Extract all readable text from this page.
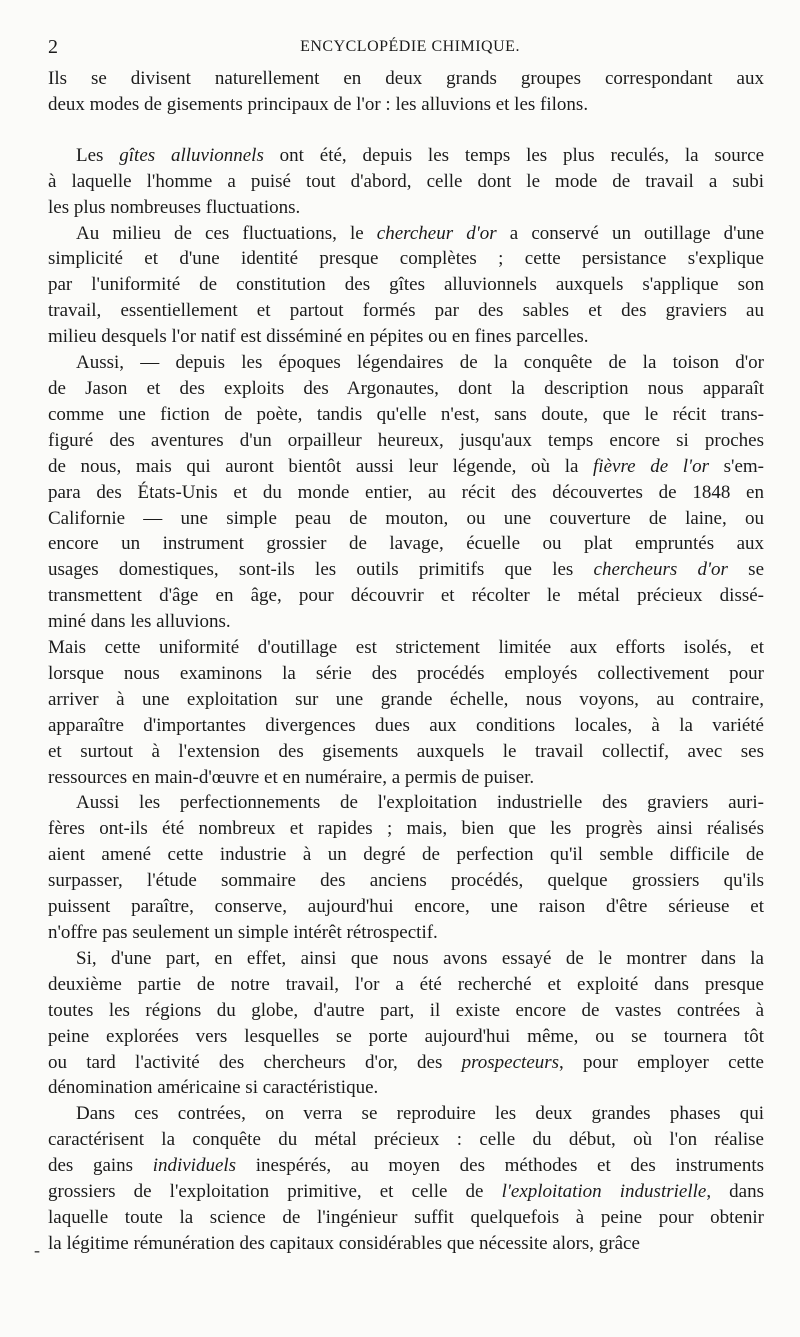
2	ENCYCLOPÉDIE CHIMIQUE.
Ils se divisent naturellement en deux grands groupes correspondant aux
deux modes de gisements principaux de l'or : les alluvions et les filons.
Les gîtes alluvionnels ont été, depuis les temps les plus reculés, la source
à laquelle l'homme a puisé tout d'abord, celle dont le mode de travail a subi
les plus nombreuses fluctuations.
Au milieu de ces fluctuations, le chercheur d'or a conservé un outillage d'une
simplicité et d'une identité presque complètes ; cette persistance s'explique
par l'uniformité de constitution des gîtes alluvionnels auxquels s'applique son
travail, essentiellement et partout formés par des sables et des graviers au
milieu desquels l'or natif est disséminé en pépites ou en fines parcelles.
Aussi, — depuis les époques légendaires de la conquête de la toison d'or
de Jason et des exploits des Argonautes, dont la description nous apparaît
comme une fiction de poète, tandis qu'elle n'est, sans doute, que le récit trans-
figuré des aventures d'un orpailleur heureux, jusqu'aux temps encore si proches
de nous, mais qui auront bientôt aussi leur légende, où la fièvre de l'or s'em-
para des États-Unis et du monde entier, au récit des découvertes de 1848 en
Californie — une simple peau de mouton, ou une couverture de laine, ou
encore un instrument grossier de lavage, écuelle ou plat empruntés aux
usages domestiques, sont-ils les outils primitifs que les chercheurs d'or se
transmettent d'âge en âge, pour découvrir et récolter le métal précieux dissé-
miné dans les alluvions.
Mais cette uniformité d'outillage est strictement limitée aux efforts isolés, et
lorsque nous examinons la série des procédés employés collectivement pour
arriver à une exploitation sur une grande échelle, nous voyons, au contraire,
apparaître d'importantes divergences dues aux conditions locales, à la variété
et surtout à l'extension des gisements auxquels le travail collectif, avec ses
ressources en main-d'œuvre et en numéraire, a permis de puiser.
Aussi les perfectionnements de l'exploitation industrielle des graviers auri-
fères ont-ils été nombreux et rapides ; mais, bien que les progrès ainsi réalisés
aient amené cette industrie à un degré de perfection qu'il semble difficile de
surpasser, l'étude sommaire des anciens procédés, quelque grossiers qu'ils
puissent paraître, conserve, aujourd'hui encore, une raison d'être sérieuse et
n'offre pas seulement un simple intérêt rétrospectif.
Si, d'une part, en effet, ainsi que nous avons essayé de le montrer dans la
deuxième partie de notre travail, l'or a été recherché et exploité dans presque
toutes les régions du globe, d'autre part, il existe encore de vastes contrées à
peine explorées vers lesquelles se porte aujourd'hui même, ou se tournera tôt
ou tard l'activité des chercheurs d'or, des prospecteurs, pour employer cette
dénomination américaine si caractéristique.
Dans ces contrées, on verra se reproduire les deux grandes phases qui
caractérisent la conquête du métal précieux : celle du début, où l'on réalise
des gains individuels inespérés, au moyen des méthodes et des instruments
grossiers de l'exploitation primitive, et celle de l'exploitation industrielle, dans
laquelle toute la science de l'ingénieur suffit quelquefois à peine pour obtenir
la légitime rémunération des capitaux considérables que nécessite alors, grâce
-
